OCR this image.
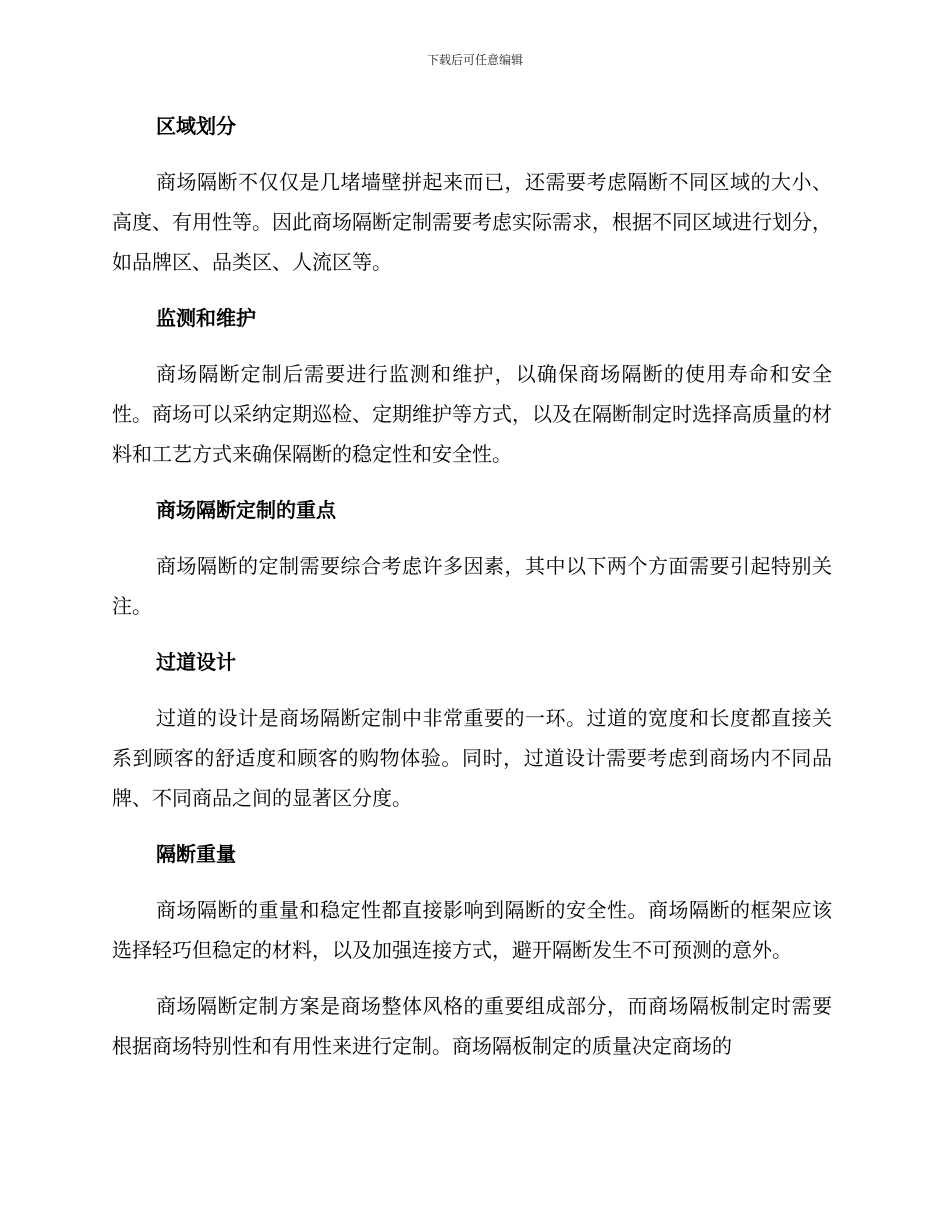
下载后可任意编辑
区域划分
商场隔断不仅仅是几堵墙壁拼起来而已，还需要考虑隔断不同区域的大小、高度、有用性等。因此商场隔断定制需要考虑实际需求，根据不同区域进行划分，如品牌区、品类区、人流区等。
监测和维护
商场隔断定制后需要进行监测和维护，以确保商场隔断的使用寿命和安全性。商场可以采纳定期巡检、定期维护等方式，以及在隔断制定时选择高质量的材料和工艺方式来确保隔断的稳定性和安全性。
商场隔断定制的重点
商场隔断的定制需要综合考虑许多因素，其中以下两个方面需要引起特别关注。
过道设计
过道的设计是商场隔断定制中非常重要的一环。过道的宽度和长度都直接关系到顾客的舒适度和顾客的购物体验。同时，过道设计需要考虑到商场内不同品牌、不同商品之间的显著区分度。
隔断重量
商场隔断的重量和稳定性都直接影响到隔断的安全性。商场隔断的框架应该选择轻巧但稳定的材料，以及加强连接方式，避开隔断发生不可预测的意外。
商场隔断定制方案是商场整体风格的重要组成部分，而商场隔板制定时需要根据商场特别性和有用性来进行定制。商场隔板制定的质量决定商场的
